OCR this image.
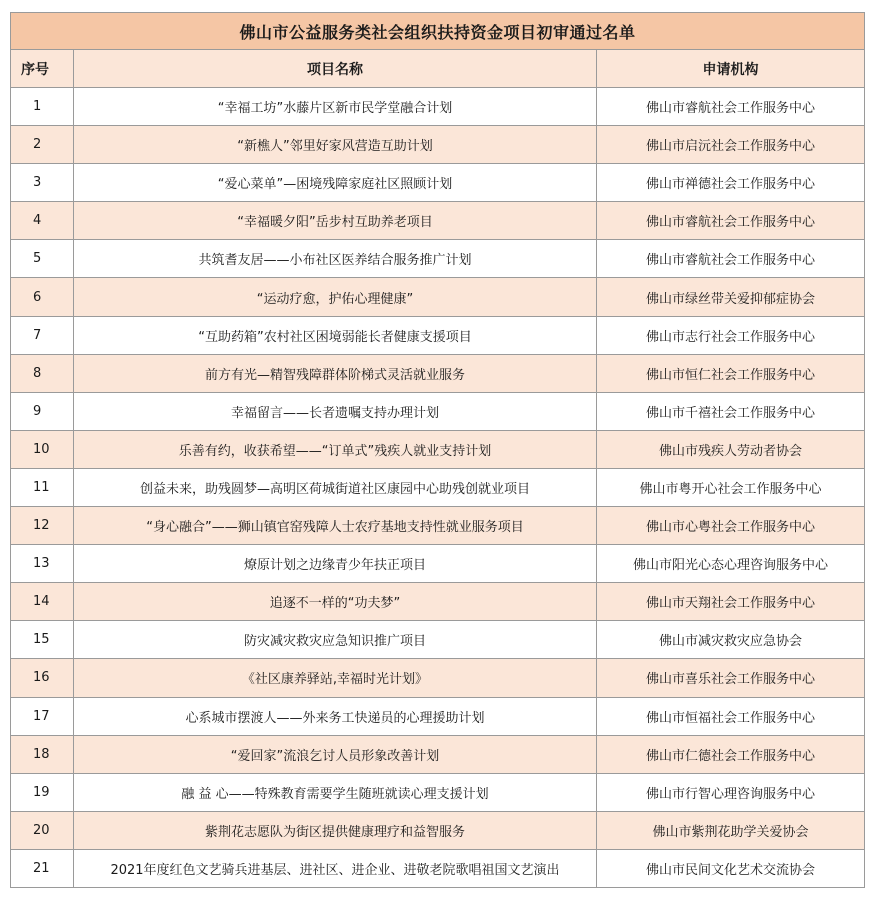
佛山市公益服务类社会组织扶持资金项目初审通过名单		
序号	项目名称	申请机构
1	“幸福工坊”水藤片区新市民学堂融合计划	佛山市睿航社会工作服务中心
2	“新樵人”邻里好家风营造互助计划	佛山市启沅社会工作服务中心
3	“爱心菜单”—困境残障家庭社区照顾计划	佛山市禅德社会工作服务中心
4	“幸福暖夕阳”岳步村互助养老项目	佛山市睿航社会工作服务中心
5	共筑耆友居——小布社区医养结合服务推广计划	佛山市睿航社会工作服务中心
6	“运动疗愈，护佑心理健康”	佛山市绿丝带关爱抑郁症协会
7	“互助药箱”农村社区困境弱能长者健康支援项目	佛山市志行社会工作服务中心
8	前方有光—精智残障群体阶梯式灵活就业服务	佛山市恒仁社会工作服务中心
9	幸福留言——长者遗嘱支持办理计划	佛山市千禧社会工作服务中心
10	乐善有约，收获希望——“订单式”残疾人就业支持计划	佛山市残疾人劳动者协会
11	创益未来，助残圆梦—高明区荷城街道社区康园中心助残创就业项目	佛山市粤开心社会工作服务中心
12	“身心融合”——狮山镇官窑残障人士农疗基地支持性就业服务项目	佛山市心粤社会工作服务中心
13	燎原计划之边缘青少年扶正项目	佛山市阳光心态心理咨询服务中心
14	追逐不一样的“功夫梦”	佛山市天翔社会工作服务中心
15	防灾减灾救灾应急知识推广项目	佛山市减灾救灾应急协会
16	《社区康养驿站,幸福时光计划》	佛山市喜乐社会工作服务中心
17	心系城市摆渡人——外来务工快递员的心理援助计划	佛山市恒福社会工作服务中心
18	“爱回家”流浪乞讨人员形象改善计划	佛山市仁德社会工作服务中心
19	融 益 心——特殊教育需要学生随班就读心理支援计划	佛山市行智心理咨询服务中心
20	紫荆花志愿队为街区提供健康理疗和益智服务	佛山市紫荆花助学关爱协会
21	2021年度红色文艺骑兵进基层、进社区、进企业、进敬老院歌唱祖国文艺演出	佛山市民间文化艺术交流协会
